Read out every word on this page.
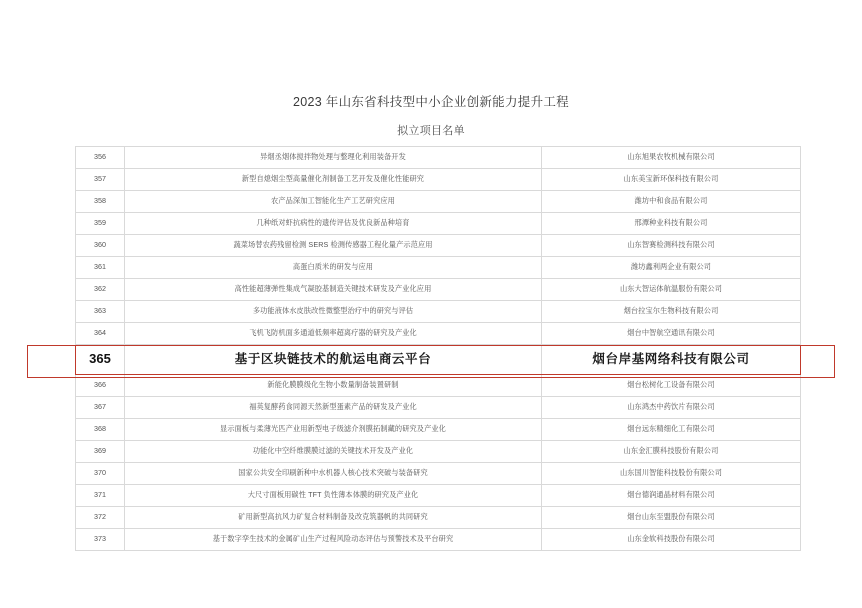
2023 年山东省科技型中小企业创新能力提升工程
拟立项目名单
356	异烟丞烟体搅拌物处理与整理化利用装备开发	山东旭果农牧机械有限公司
357	新型自熄烟尘型高量催化剂制备工艺开发及催化性能研究	山东美宝新环保科技有限公司
358	农产品深加工智能化生产工艺研究应用	潍坊中和食品有限公司
359	几种纸对虾抗病性的遗传评估及优良新品种培育	邢潭种业科技有限公司
360	蔬菜场替农药残留检测 SERS 检测传感器工程化量产示范应用	山东智赛检测科技有限公司
361	高蛋白质米的研发与应用	潍坊鑫利两企业有限公司
362	高性能超薄弹性集成气凝胶基制造关键技术研发及产业化应用	山东大智运体航温服份有限公司
363	多功能液体水皮肤改性微整型治疗中的研究与评估	烟台拉宝尔生物科技有限公司
364	飞机飞防机面多通道低频率超离疗器的研究及产业化	烟台中智航空通讯有限公司
365	基于区块链技术的航运电商云平台	烟台岸基网络科技有限公司
366	新能化膜膜级化生物小数量制备装置研制	烟台松树化工设备有限公司
367	福英复酵药食同源天然新型蛋素产品的研发及产业化	山东鸿杰中药饮片有限公司
368	显示面板与柔薄光匹产业用新型电子级滤介剂膜拓制藏的研究及产业化	烟台远东精细化工有限公司
369	功能化中空纤维膜膜过滤的关键技术开发及产业化	山东金汇膜科技股份有限公司
370	国家公共安全印刷新种中水机器人核心技术突破与装备研究	山东国川智能科技股份有限公司
371	大尺寸面板用碳性 TFT 负性薄本体膜的研究及产业化	烟台德润通晶材料有限公司
372	矿用新型高抗风力矿复合材料制备及改克筑器帆的共同研究	烟台山东至盟股份有限公司
373	基于数字孪生技术的金属矿山生产过程风险动态评估与预警技术及平台研究	山东金软科技股份有限公司
